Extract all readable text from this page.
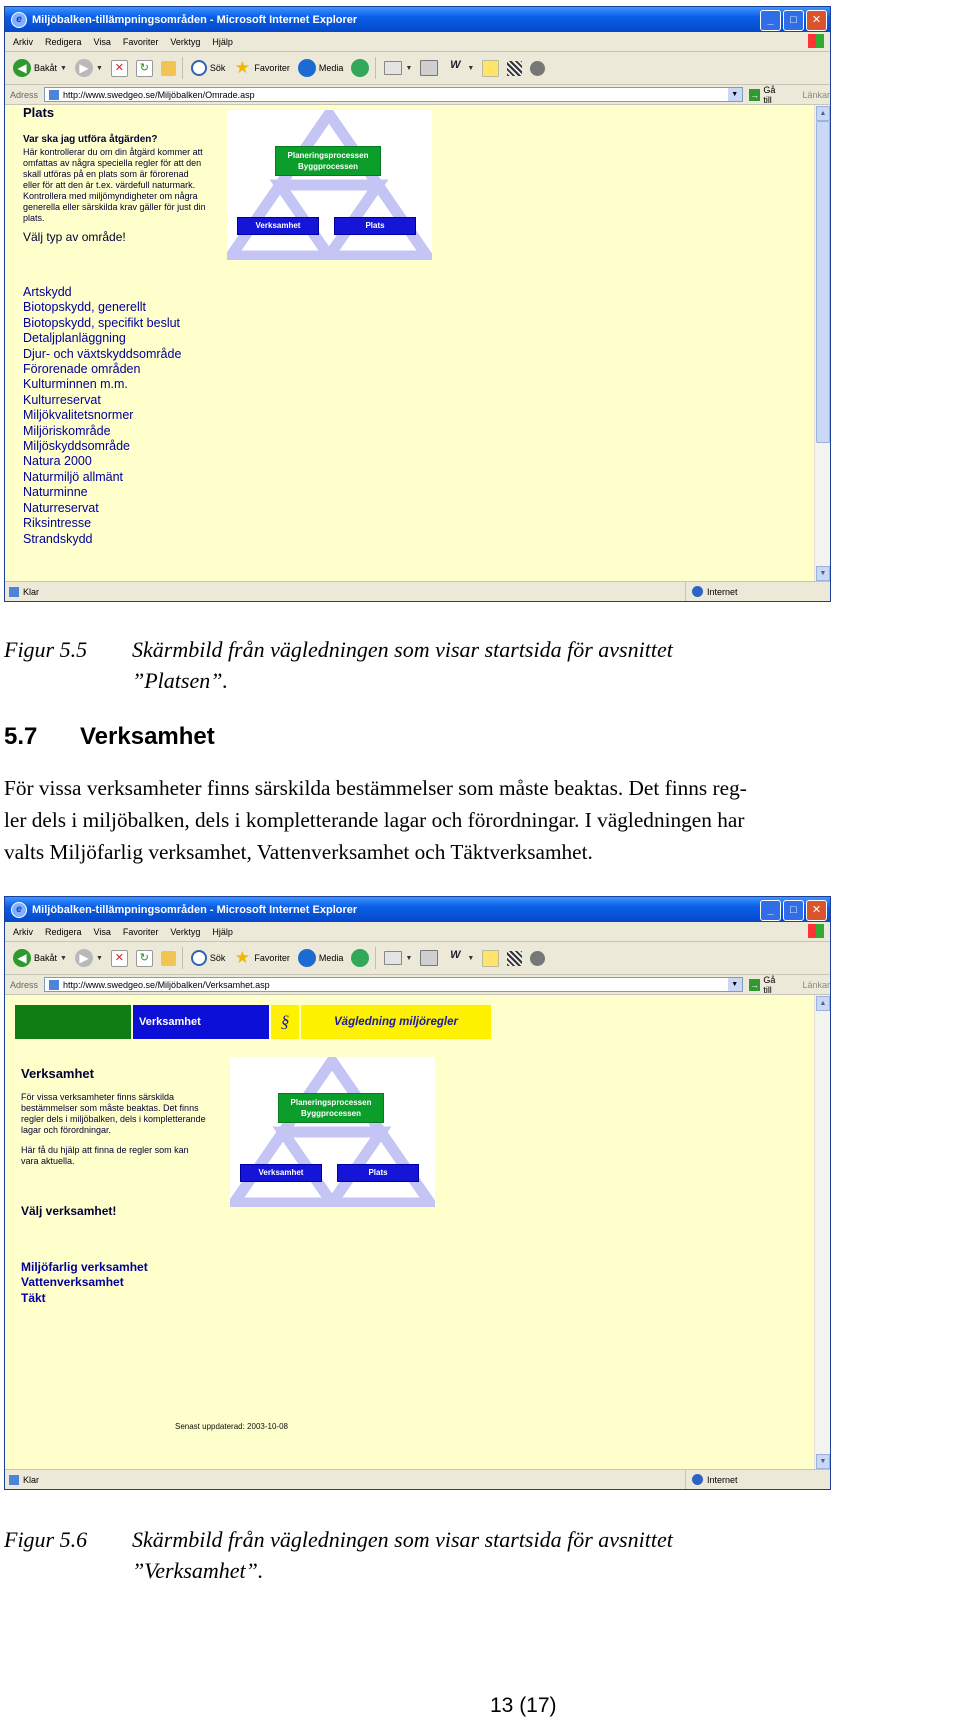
e Miljöbalken-tillämpningsområden - Microsoft Internet Explorer	_	□	✕
Arkiv Redigera Visa Favoriter Verktyg Hjälp
◀ Bakåt ▼	▶	▼	✕	↻	Sök ★ Favoriter	Media	▼	W ▼
Adress	http://www.swedgeo.se/Miljöbalken/Omrade.asp	▼	→ Gå till	Länkar
Plats
Var ska jag utföra åtgärden?
Här kontrollerar du om din åtgärd kommer att
omfattas av några speciella regler för att den
skall utföras på en plats som är förorenad
eller för att den är t.ex. värdefull naturmark.
Kontrollera med miljömyndigheter om några
generella eller särskilda krav gäller för just din
plats.
Välj typ av område!
Planeringsprocessen
Byggprocessen
Verksamhet	Plats
Artskydd
Biotopskydd, generellt
Biotopskydd, specifikt beslut
Detaljplanläggning
Djur- och växtskyddsområde
Förorenade områden
Kulturminnen m.m.
Kulturreservat
Miljökvalitetsnormer
Miljöriskområde
Miljöskyddsområde
Natura 2000
Naturmiljö allmänt
Naturminne
Naturreservat
Riksintresse
Strandskydd
▲
▼
Klar	Internet
Figur 5.5 Skärmbild från vägledningen som visar startsida för avsnittet
”Platsen”.
5.7 Verksamhet
För vissa verksamheter finns särskilda bestämmelser som måste beaktas. Det finns reg-
ler dels i miljöbalken, dels i kompletterande lagar och förordningar. I vägledningen har
valts Miljöfarlig verksamhet, Vattenverksamhet och Täktverksamhet.
e Miljöbalken-tillämpningsområden - Microsoft Internet Explorer	_	□	✕
Arkiv Redigera Visa Favoriter Verktyg Hjälp
◀ Bakåt ▼	▶	▼	✕	↻	Sök ★ Favoriter	Media	▼	W ▼
Adress	http://www.swedgeo.se/Miljöbalken/Verksamhet.asp	▼	→ Gå till	Länkar
Verksamhet	§	Vägledning miljöregler
Verksamhet
För vissa verksamheter finns särskilda
bestämmelser som måste beaktas. Det finns
regler dels i miljöbalken, dels i kompletterande
lagar och förordningar.
Här få du hjälp att finna de regler som kan
vara aktuella.
Välj verksamhet!
Planeringsprocessen
Byggprocessen
Verksamhet	Plats
Miljöfarlig verksamhet
Vattenverksamhet
Täkt
Senast uppdaterad: 2003-10-08
▲
▼
Klar	Internet
Figur 5.6 Skärmbild från vägledningen som visar startsida för avsnittet
”Verksamhet”.
13 (17)
